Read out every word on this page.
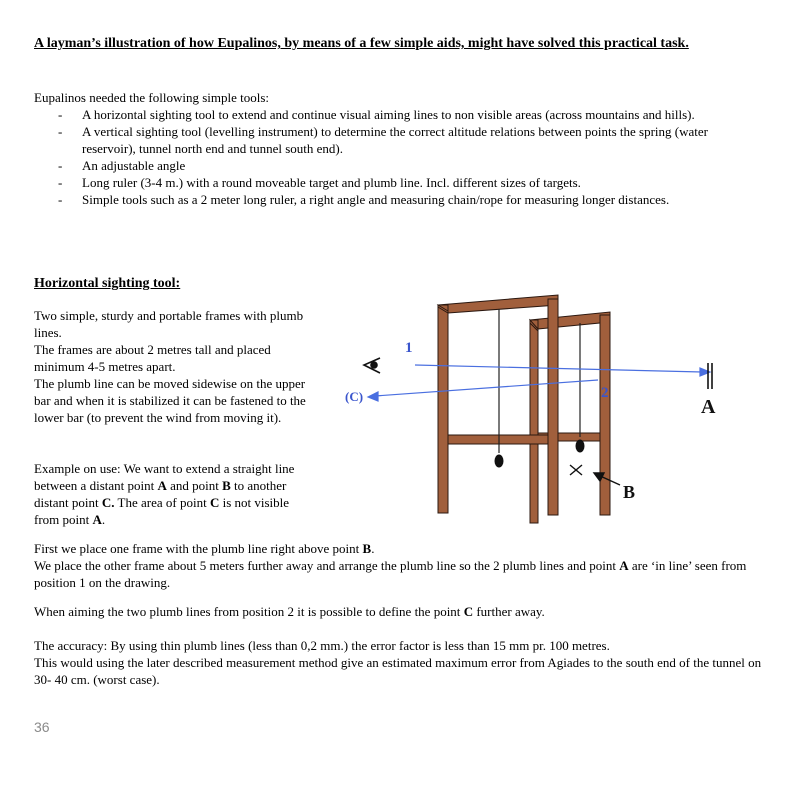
A layman’s illustration of how Eupalinos, by means of a few simple aids, might have solved this practical task.
Eupalinos needed the following simple tools:
- A horizontal sighting tool to extend and continue visual aiming lines to non visible areas (across mountains and hills).
- A vertical sighting tool (levelling instrument) to determine the correct altitude relations between points the spring (water reservoir), tunnel north end and tunnel south end).
- An adjustable angle
- Long ruler (3-4 m.) with a round moveable target and plumb line. Incl. different sizes of targets.
- Simple tools such as a 2 meter long ruler, a right angle and measuring chain/rope for measuring longer distances.
Horizontal sighting tool:

Two simple, sturdy and portable frames with plumb lines.

The frames are about 2 metres tall and placed minimum 4-5 metres apart.

The plumb line can be moved sidewise on the upper bar and when it is stabilized it can be fastened to the lower bar (to prevent the wind from moving it).

Example on use: We want to extend a straight line between a distant point A and point B to another distant point C. The area of point C is not visible from point A.

First we place one frame with the plumb line right above point B.

We place the other frame about 5 meters further away and arrange the plumb line so the 2 plumb lines and point A are ‘in line’ seen from position 1 on the drawing.

When aiming the two plumb lines from position 2 it is possible to define the point C further away.

The accuracy: By using thin plumb lines (less than 0,2 mm.) the error factor is less than 15 mm pr. 100 metres.

This would using the later described measurement method give an estimated maximum error from Agiades to the south end of the tunnel on 30- 40 cm. (worst case).

36
1
2
(C)	A
B
